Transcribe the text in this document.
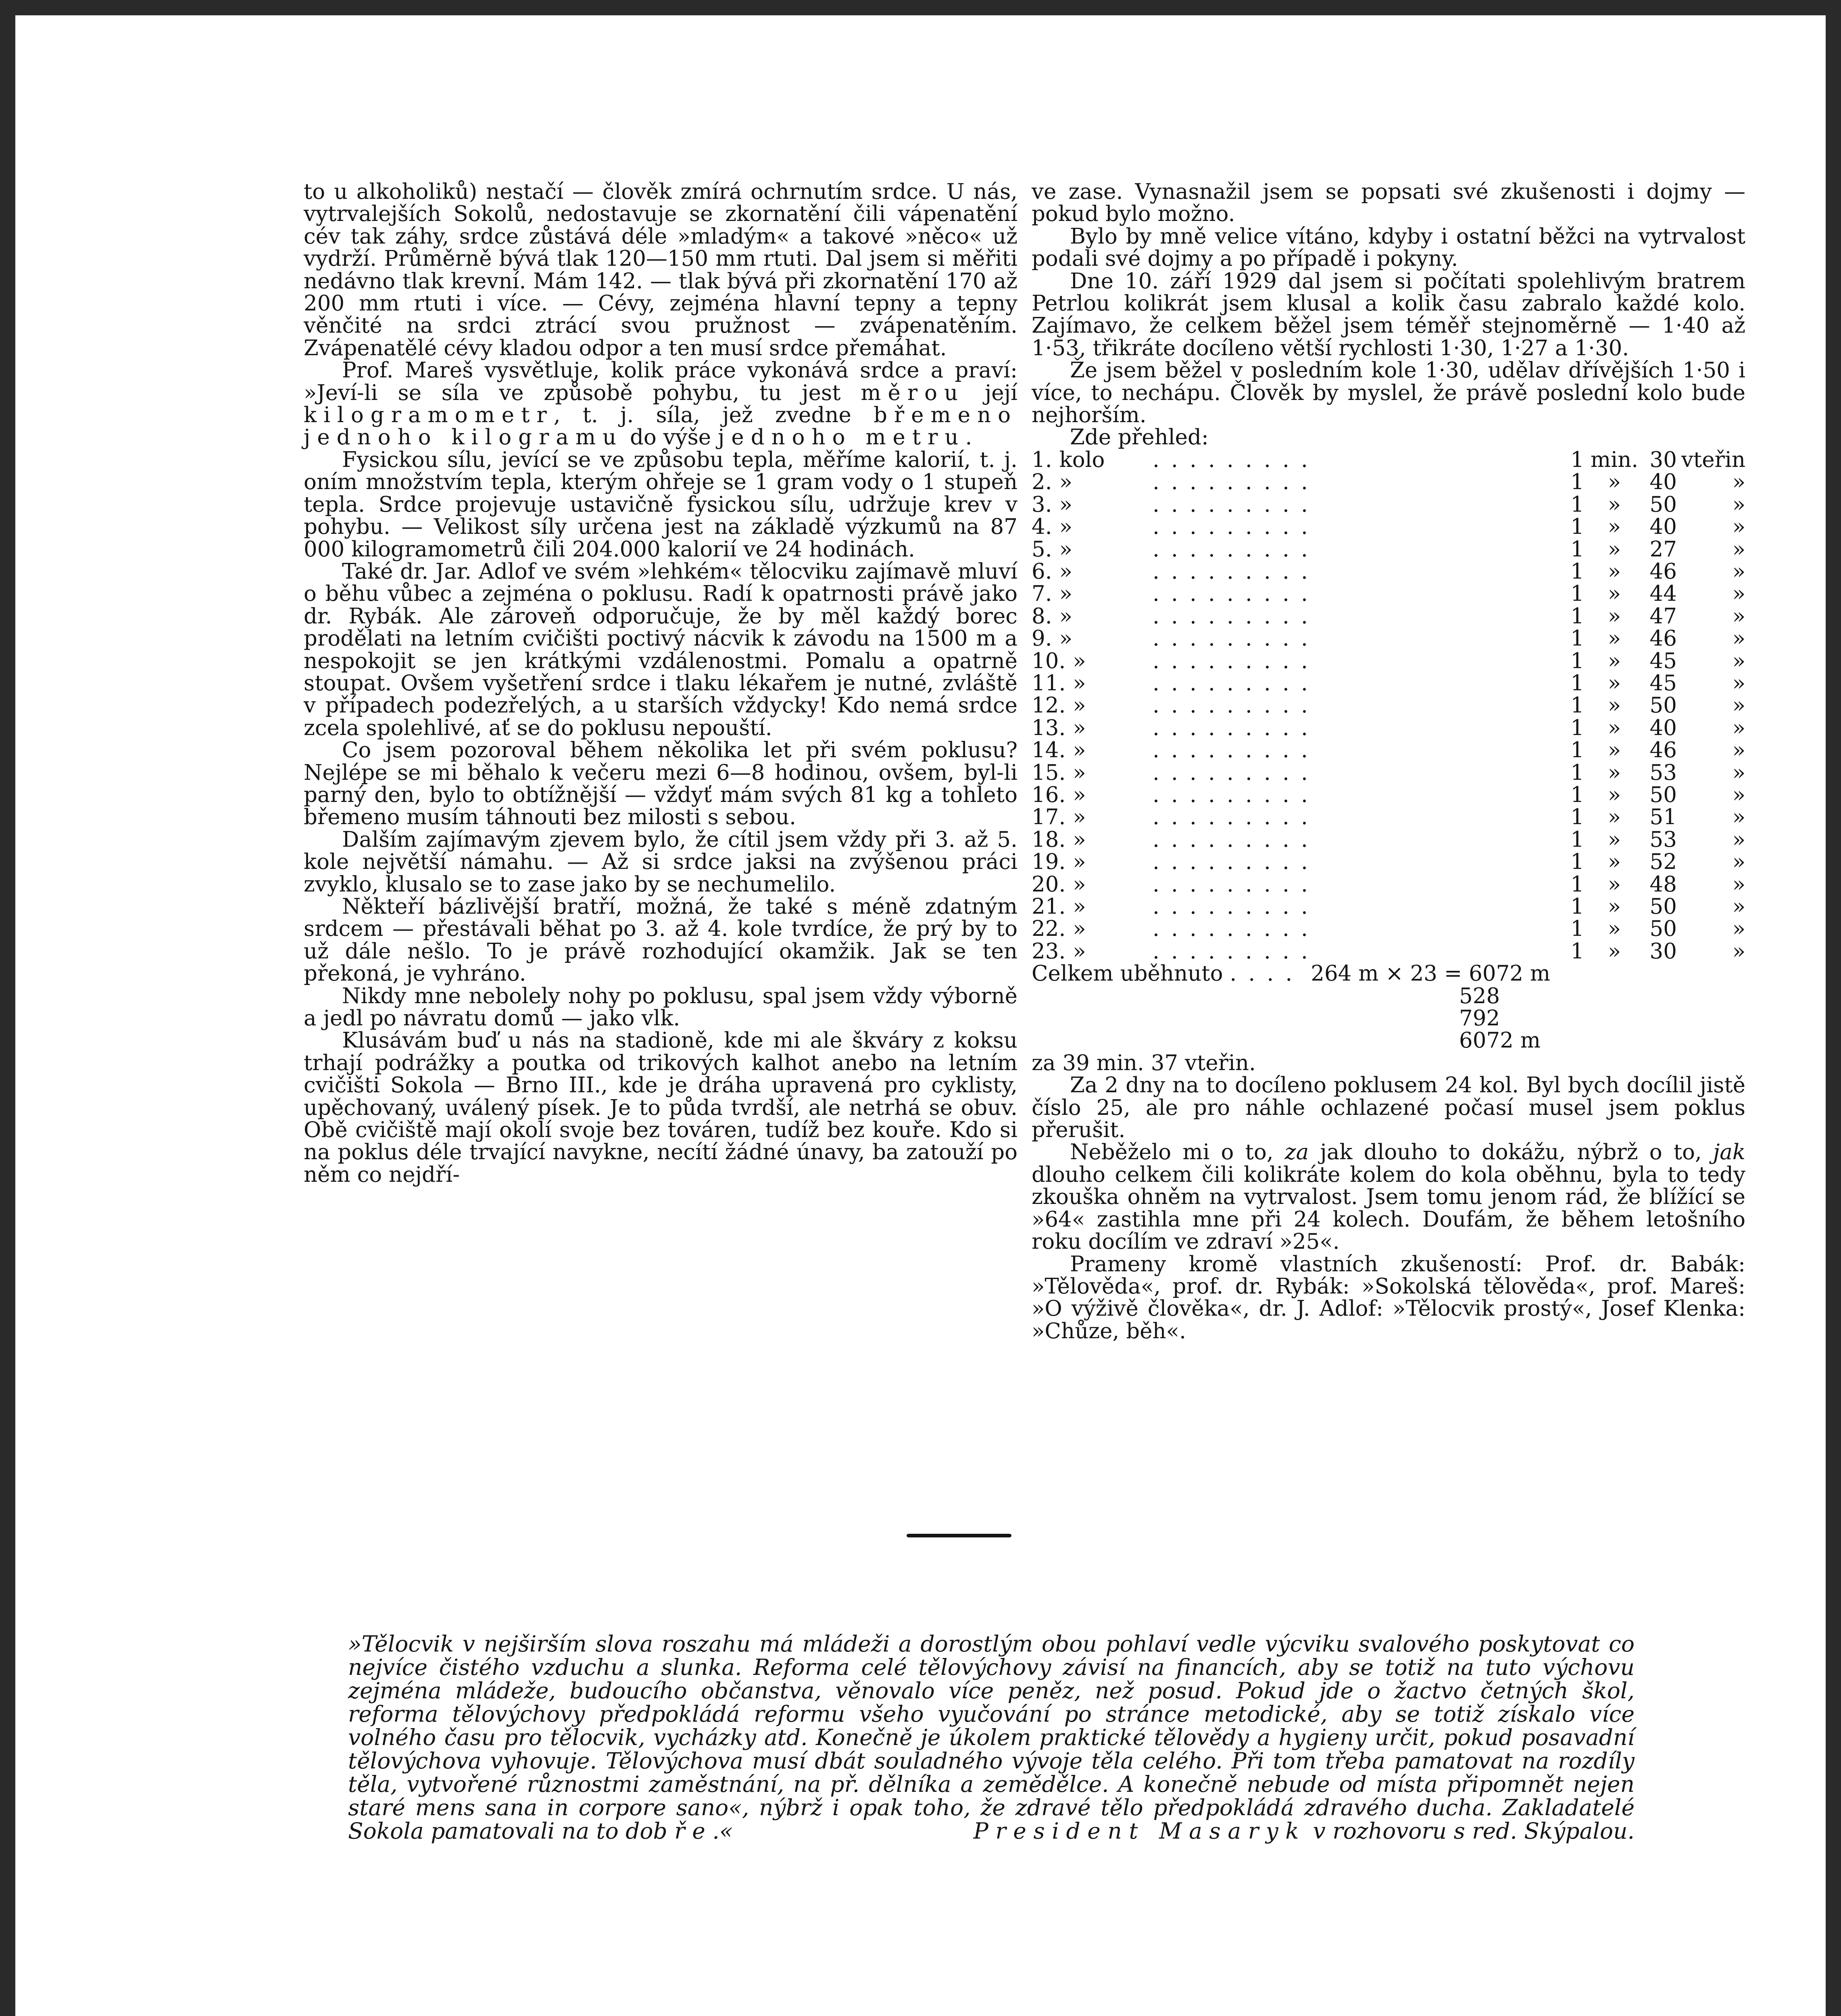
to u alkoholiků) nestačí — člověk zmírá ochrnutím srdce. U nás, vytrvalejších Sokolů, nedostavuje se zkornatění čili vápenatění cév tak záhy, srdce zůstává déle »mladým« a takové »něco« už vydrží. Průměrně bývá tlak 120—150 mm rtuti. Dal jsem si měřiti nedávno tlak krevní. Mám 142. — tlak bývá při zkornatění 170 až 200 mm rtuti i více. — Cévy, zejména hlavní tepny a tepny věnčité na srdci ztrácí svou pružnost — zvápenatěním. Zvápenatělé cévy kladou odpor a ten musí srdce přemáhat.

Prof. Mareš vysvětluje, kolik práce vykonává srdce a praví: »Jeví-li se síla ve způsobě pohybu, tu jest měrou její kilogramometr, t. j. síla, jež zvedne břemeno jednoho kilogramu do výše jednoho metru.

Fysickou sílu, jevící se ve způsobu tepla, měříme kalorií, t. j. oním množstvím tepla, kterým ohřeje se 1 gram vody o 1 stupeň tepla. Srdce projevuje ustavičně fysickou sílu, udržuje krev v pohybu. — Velikost síly určena jest na základě výzkumů na 87 000 kilogramometrů čili 204.000 kalorií ve 24 hodinách.

Také dr. Jar. Adlof ve svém »lehkém« tělocviku zajímavě mluví o běhu vůbec a zejména o poklusu. Radí k opatrnosti právě jako dr. Rybák. Ale zároveň odporučuje, že by měl každý borec prodělati na letním cvičišti poctivý nácvik k závodu na 1500 m a nespokojit se jen krátkými vzdálenostmi. Pomalu a opatrně stoupat. Ovšem vyšetření srdce i tlaku lékařem je nutné, zvláště v případech podezřelých, a u starších vždycky! Kdo nemá srdce zcela spolehlivé, ať se do poklusu nepouští.

Co jsem pozoroval během několika let při svém poklusu? Nejlépe se mi běhalo k večeru mezi 6—8 hodinou, ovšem, byl-li parný den, bylo to obtížnější — vždyť mám svých 81 kg a tohleto břemeno musím táhnouti bez milosti s sebou.

Dalším zajímavým zjevem bylo, že cítil jsem vždy při 3. až 5. kole největší námahu. — Až si srdce jaksi na zvýšenou práci zvyklo, klusalo se to zase jako by se nechumelilo.

Někteří bázlivější bratří, možná, že také s méně zdatným srdcem — přestávali běhat po 3. až 4. kole tvrdíce, že prý by to už dále nešlo. To je právě rozhodující okamžik. Jak se ten překoná, je vyhráno.

Nikdy mne nebolely nohy po poklusu, spal jsem vždy výborně a jedl po návratu domů — jako vlk.

Klusávám buď u nás na stadioně, kde mi ale škváry z koksu trhají podrážky a poutka od trikových kalhot anebo na letním cvičišti Sokola — Brno III., kde je dráha upravená pro cyklisty, upěchovaný, uválený písek. Je to půda tvrdší, ale netrhá se obuv. Obě cvičiště mají okolí svoje bez továren, tudíž bez kouře. Kdo si na poklus déle trvající navykne, necítí žádné únavy, ba zatouží po něm co nejdří-

ve zase. Vynasnažil jsem se popsati své zkušenosti i dojmy — pokud bylo možno.

Bylo by mně velice vítáno, kdyby i ostatní běžci na vytrvalost podali své dojmy a po případě i pokyny.

Dne 10. září 1929 dal jsem si počítati spolehlivým bratrem Petrlou kolikrát jsem klusal a kolik času zabralo každé kolo. Zajímavo, že celkem běžel jsem téměř stejnoměrně — 1·40 až 1·53, třikráte docíleno větší rychlosti 1·30, 1·27 a 1·30.

Že jsem běžel v posledním kole 1·30, udělav dřívějších 1·50 i více, to nechápu. Člověk by myslel, že právě poslední kolo bude nejhorším.

Zde přehled:

1. kolo	.........	1	min.	30	vteřin
2. »	.........	1	»	40	»
3. »	.........	1	»	50	»
4. »	.........	1	»	40	»
5. »	.........	1	»	27	»
6. »	.........	1	»	46	»
7. »	.........	1	»	44	»
8. »	.........	1	»	47	»
9. »	.........	1	»	46	»
10. »	.........	1	»	45	»
11. »	.........	1	»	45	»
12. »	.........	1	»	50	»
13. »	.........	1	»	40	»
14. »	.........	1	»	46	»
15. »	.........	1	»	53	»
16. »	.........	1	»	50	»
17. »	.........	1	»	51	»
18. »	.........	1	»	53	»
19. »	.........	1	»	52	»
20. »	.........	1	»	48	»
21. »	.........	1	»	50	»
22. »	.........	1	»	50	»
23. »	.........	1	»	30	»
Celkem uběhnuto .... 264 m × 23 = 6072 m
528
792
6072 m

za 39 min. 37 vteřin.

Za 2 dny na to docíleno poklusem 24 kol. Byl bych docílil jistě číslo 25, ale pro náhle ochlazené počasí musel jsem poklus přerušit.

Neběželo mi o to, za jak dlouho to dokážu, nýbrž o to, jak dlouho celkem čili kolikráte kolem do kola oběhnu, byla to tedy zkouška ohněm na vytrvalost. Jsem tomu jenom rád, že blížící se »64« zastihla mne při 24 kolech. Doufám, že během letošního roku docílím ve zdraví »25«.

Prameny kromě vlastních zkušeností: Prof. dr. Babák: »Tělověda«, prof. dr. Rybák: »Sokolská tělověda«, prof. Mareš: »O výživě člověka«, dr. J. Adlof: »Tělocvik prostý«, Josef Klenka: »Chůze, běh«.

»Tělocvik v nejširším slova roszahu má mládeži a dorostlým obou pohlaví vedle výcviku svalového poskytovat co nejvíce čistého vzduchu a slunka. Reforma celé tělovýchovy závisí na financích, aby se totiž na tuto výchovu zejména mládeže, budoucího občanstva, věnovalo více peněz, než posud. Pokud jde o žactvo četných škol, reforma tělovýchovy předpokládá reformu všeho vyučování po stránce metodické, aby se totiž získalo více volného času pro tělocvik, vycházky atd. Konečně je úkolem praktické tělovědy a hygieny určit, pokud posavadní tělovýchova vyhovuje. Tělovýchova musí dbát souladného vývoje těla celého. Při tom třeba pamatovat na rozdíly těla, vytvořené různostmi zaměstnání, na př. dělníka a zemědělce. A konečně nebude od místa připomnět nejen staré mens sana in corpore sano«, nýbrž i opak toho, že zdravé tělo předpokládá zdravého ducha. Zakladatelé Sokola pamatovali na to dobře.«	President Masaryk v rozhovoru s red. Skýpalou.
